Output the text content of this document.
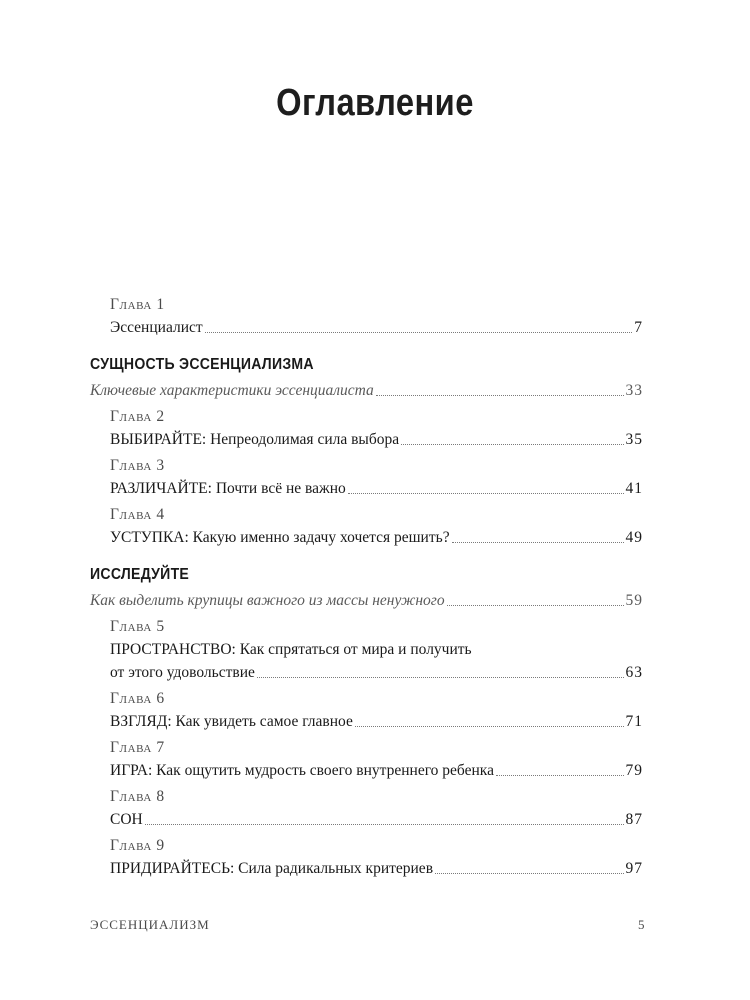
Оглавление
Глава 1
Эссенциалист	7
СУЩНОСТЬ ЭССЕНЦИАЛИЗМА
Ключевые характеристики эссенциалиста	33
Глава 2
ВЫБИРАЙТЕ: Непреодолимая сила выбора	35
Глава 3
РАЗЛИЧАЙТЕ: Почти всё не важно	41
Глава 4
УСТУПКА: Какую именно задачу хочется решить?	49
ИССЛЕДУЙТЕ
Как выделить крупицы важного из массы ненужного	59
Глава 5
ПРОСТРАНСТВО: Как спрятаться от мира и получить
от этого удовольствие	63
Глава 6
ВЗГЛЯД: Как увидеть самое главное	71
Глава 7
ИГРА: Как ощутить мудрость своего внутреннего ребенка	79
Глава 8
СОН	87
Глава 9
ПРИДИРАЙТЕСЬ: Сила радикальных критериев	97
ЭССЕНЦИАЛИЗМ	5
